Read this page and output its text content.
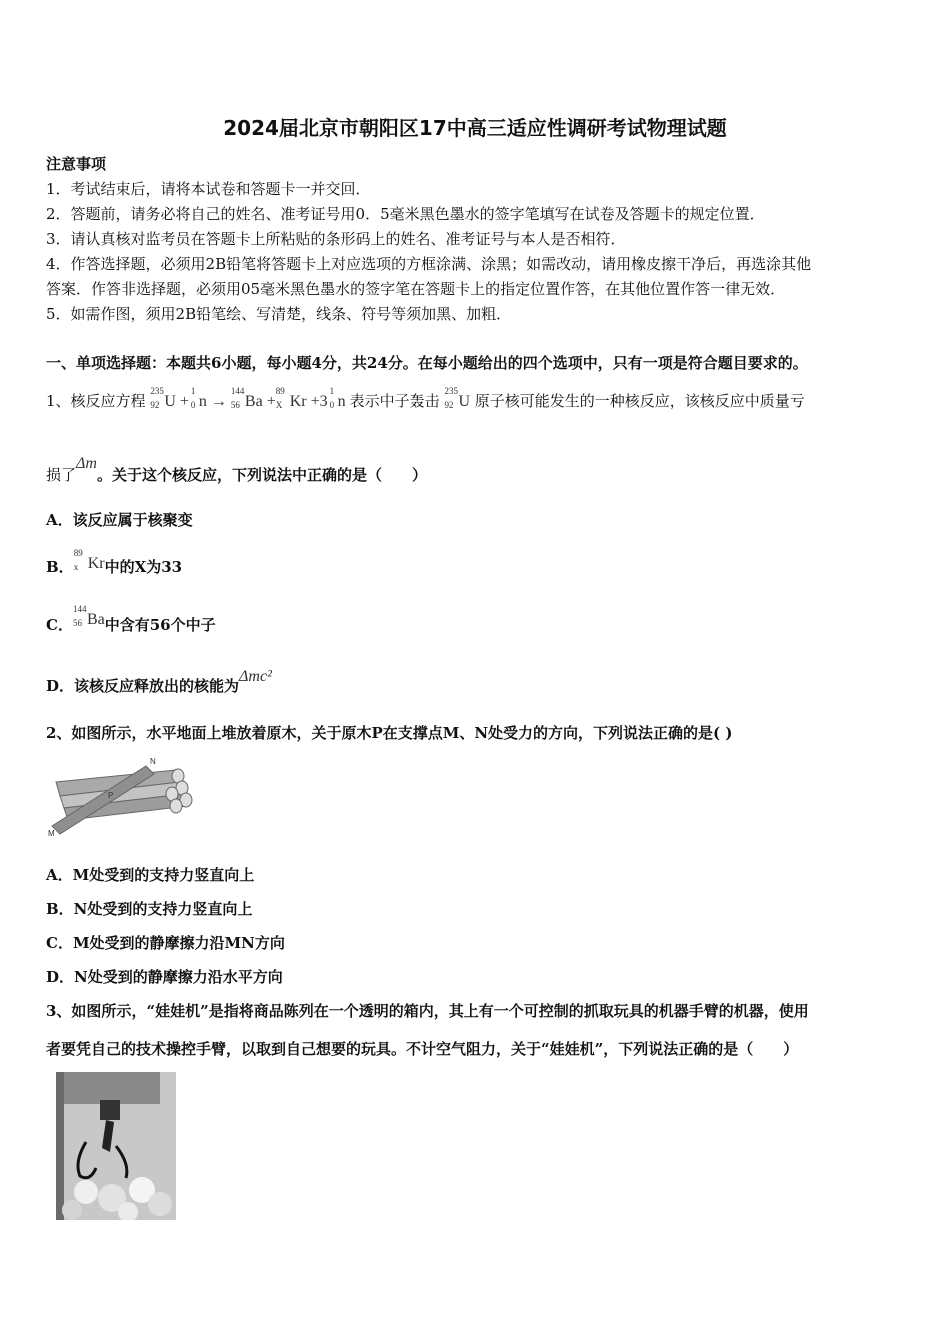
2024届北京市朝阳区17中高三适应性调研考试物理试题
注意事项
1．考试结束后，请将本试卷和答题卡一并交回．
2．答题前，请务必将自己的姓名、准考证号用0．5毫米黑色墨水的签字笔填写在试卷及答题卡的规定位置．
3．请认真核对监考员在答题卡上所粘贴的条形码上的姓名、准考证号与本人是否相符．
4．作答选择题，必须用2B铅笔将答题卡上对应选项的方框涂满、涂黑；如需改动，请用橡皮擦干净后，再选涂其他
答案．作答非选择题，必须用05毫米黑色墨水的签字笔在答题卡上的指定位置作答，在其他位置作答一律无效．
5．如需作图，须用2B铅笔绘、写清楚，线条、符号等须加黑、加粗．
一、单项选择题：本题共6小题，每小题4分，共24分。在每小题给出的四个选项中，只有一项是符合题目要求的。
1、核反应方程
235
92 U +
1
0 n →
144
56 Ba +
89
X Kr +3
1
0 n 表示中子轰击
235
92 U 原子核可能发生的一种核反应，该核反应中质量亏
损了Δm。关于这个核反应，下列说法中正确的是（　　）
A．该反应属于核聚变
B．
89
x Kr中的X为33
C．
144
56 Ba中含有56个中子
D．该核反应释放出的核能为Δmc²
2、如图所示，水平地面上堆放着原木，关于原木P在支撑点M、N处受力的方向，下列说法正确的是( )
N
P
M
A．M处受到的支持力竖直向上
B．N处受到的支持力竖直向上
C．M处受到的静摩擦力沿MN方向
D．N处受到的静摩擦力沿水平方向
3、如图所示，“娃娃机”是指将商品陈列在一个透明的箱内，其上有一个可控制的抓取玩具的机器手臂的机器，使用
者要凭自己的技术操控手臂，以取到自己想要的玩具。不计空气阻力，关于“娃娃机”，下列说法正确的是（　　）
